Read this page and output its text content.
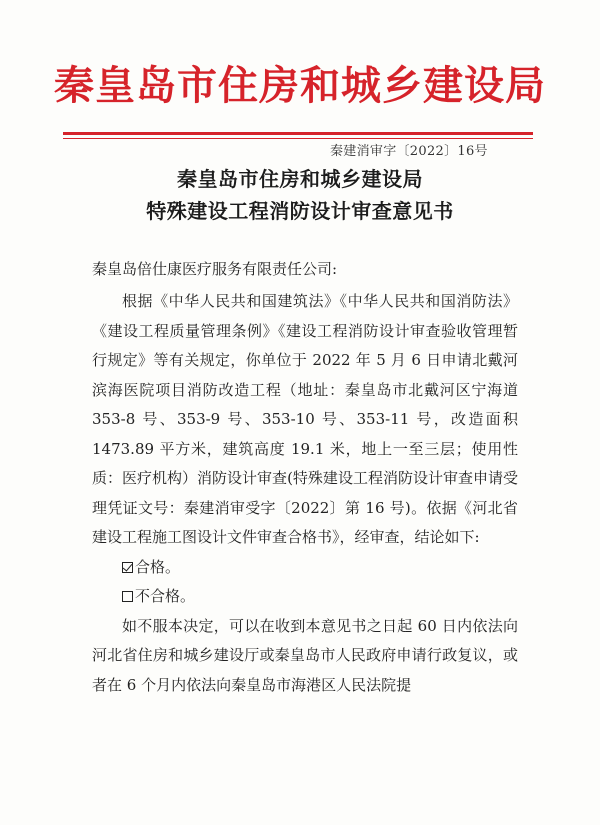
秦皇岛市住房和城乡建设局
秦建消审字〔2022〕16号
秦皇岛市住房和城乡建设局
特殊建设工程消防设计审查意见书
秦皇岛倍仕康医疗服务有限责任公司:

根据《中华人民共和国建筑法》《中华人民共和国消防法》《建设工程质量管理条例》《建设工程消防设计审查验收管理暂行规定》等有关规定，你单位于 2022 年 5 月 6 日申请北戴河滨海医院项目消防改造工程（地址：秦皇岛市北戴河区宁海道 353-8 号、353-9 号、353-10 号、353-11 号，改造面积 1473.89 平方米，建筑高度 19.1 米，地上一至三层；使用性质：医疗机构）消防设计审查(特殊建设工程消防设计审查申请受理凭证文号：秦建消审受字〔2022〕第 16 号)。依据《河北省建设工程施工图设计文件审查合格书》，经审查，结论如下:

合格。

不合格。

如不服本决定，可以在收到本意见书之日起 60 日内依法向河北省住房和城乡建设厅或秦皇岛市人民政府申请行政复议，或者在 6 个月内依法向秦皇岛市海港区人民法院提
